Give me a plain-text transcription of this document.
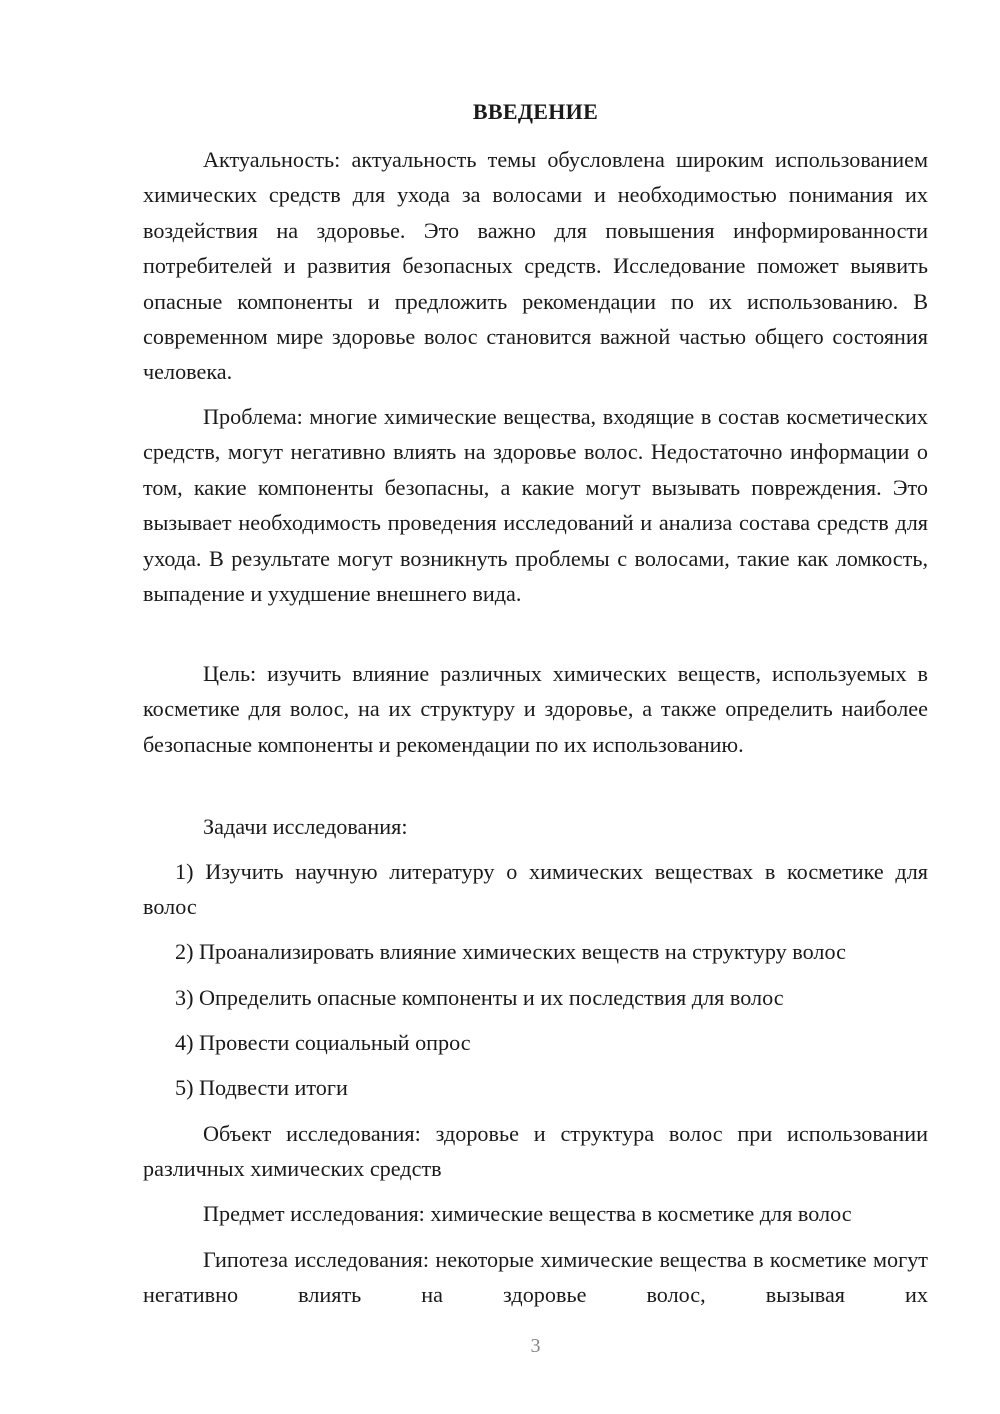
ВВЕДЕНИЕ

Актуальность: актуальность темы обусловлена широким использованием химических средств для ухода за волосами и необходимостью понимания их воздействия на здоровье. Это важно для повышения информированности потребителей и развития безопасных средств. Исследование поможет выявить опасные компоненты и предложить рекомендации по их использованию. В современном мире здоровье волос становится важной частью общего состояния человека.

Проблема: многие химические вещества, входящие в состав косметических средств, могут негативно влиять на здоровье волос. Недостаточно информации о том, какие компоненты безопасны, а какие могут вызывать повреждения. Это вызывает необходимость проведения исследований и анализа состава средств для ухода. В результате могут возникнуть проблемы с волосами, такие как ломкость, выпадение и ухудшение внешнего вида.

Цель: изучить влияние различных химических веществ, используемых в косметике для волос, на их структуру и здоровье, а также определить наиболее безопасные компоненты и рекомендации по их использованию.

Задачи исследования:

1) Изучить научную литературу о химических веществах в косметике для волос

2) Проанализировать влияние химических веществ на структуру волос

3) Определить опасные компоненты и их последствия для волос

4) Провести социальный опрос

5) Подвести итоги

Объект исследования: здоровье и структура волос при использовании различных химических средств

Предмет исследования: химические вещества в косметике для волос

Гипотеза исследования: некоторые химические вещества в косметике могут негативно влиять на здоровье волос, вызывая их

3
